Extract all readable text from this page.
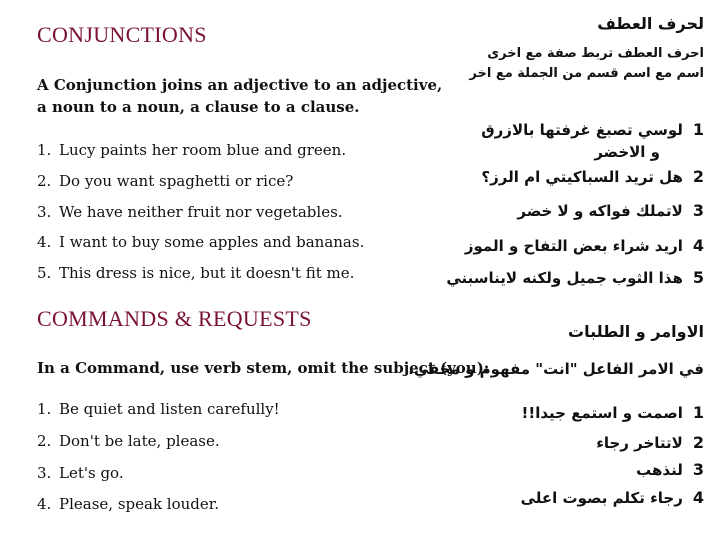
CONJUNCTIONS
A Conjunction joins an adjective to an adjective,
a noun to a noun, a clause to a clause.
1. Lucy paints her room blue and green.
2. Do you want spaghetti or rice?
3. We have neither fruit nor vegetables.
4. I want to buy some apples and bananas.
5. This dress is nice, but it doesn't fit me.
COMMANDS & REQUESTS
In a Command, use verb stem, omit the subject (you):
1. Be quiet and listen carefully!
2. Don't be late, please.
3. Let's go.
4. Please, speak louder.
لحرف العطف
احرف العطف تربط صفة مع اخرى
اسم مع اسم قسم من الجملة مع اخر
1لوسي تصبغ غرفتها بالازرق
و الاخضر
2هل تريد السباكيتي ام الرز؟
3لاتملك فواكه و لا خضر
4اريد شراء بعض التفاح و الموز
5هذا الثوب جميل ولكنه لايناسبني
الاوامر و الطلبات
في الامر الفاعل "انت" مفهوم و مخفي.
1اصمت و استمع جيدا!!
2لاتتاخر رجاء
3لنذهب
4رجاء تكلم بصوت اعلى
